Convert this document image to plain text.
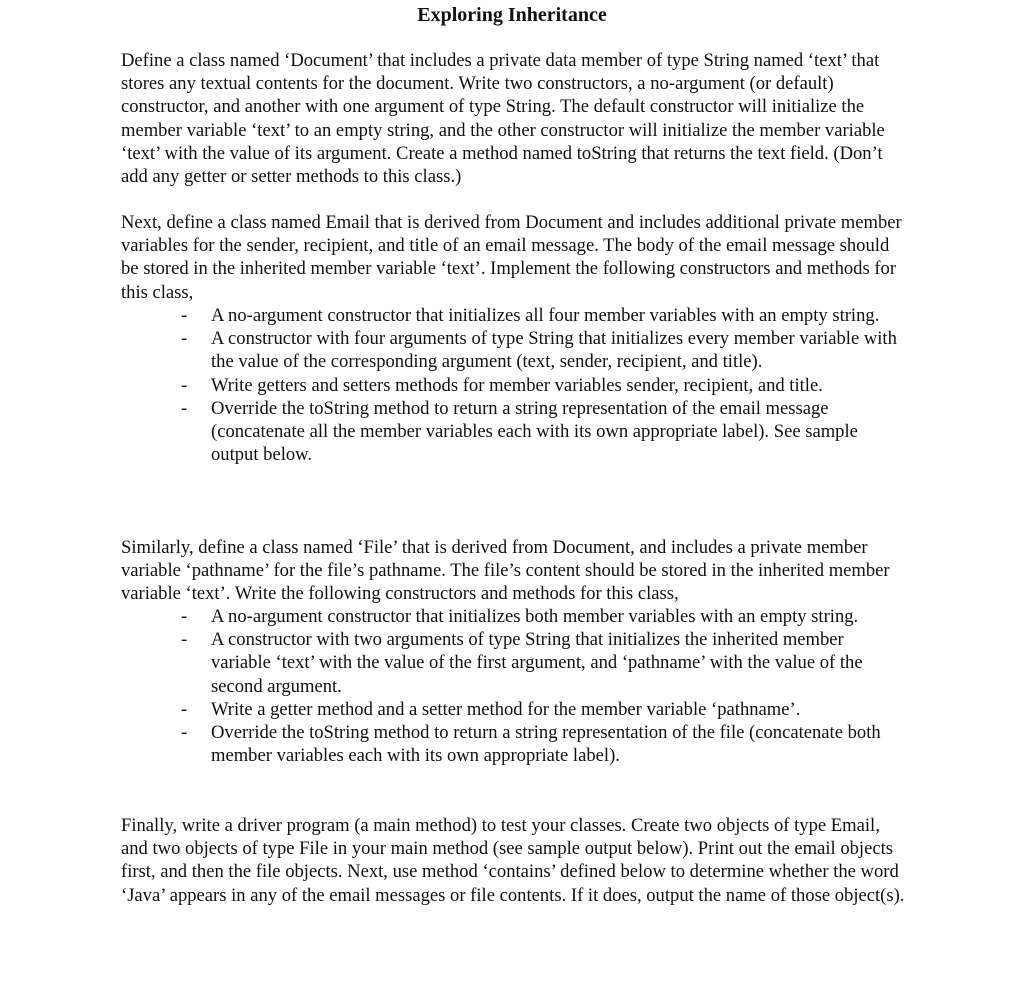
Exploring Inheritance

Define a class named ‘Document’ that includes a private data member of type String named ‘text’ that stores any textual contents for the document. Write two constructors, a no-argument (or default) constructor, and another with one argument of type String. The default constructor will initialize the member variable ‘text’ to an empty string, and the other constructor will initialize the member variable ‘text’ with the value of its argument. Create a method named toString that returns the text field. (Don’t add any getter or setter methods to this class.)

Next, define a class named Email that is derived from Document and includes additional private member variables for the sender, recipient, and title of an email message. The body of the email message should be stored in the inherited member variable ‘text’. Implement the following constructors and methods for this class,

- A no-argument constructor that initializes all four member variables with an empty string.
- A constructor with four arguments of type String that initializes every member variable with the value of the corresponding argument (text, sender, recipient, and title).
- Write getters and setters methods for member variables sender, recipient, and title.
- Override the toString method to return a string representation of the email message (concatenate all the member variables each with its own appropriate label). See sample output below.

Similarly, define a class named ‘File’ that is derived from Document, and includes a private member variable ‘pathname’ for the file’s pathname. The file’s content should be stored in the inherited member variable ‘text’. Write the following constructors and methods for this class,

- A no-argument constructor that initializes both member variables with an empty string.
- A constructor with two arguments of type String that initializes the inherited member variable ‘text’ with the value of the first argument, and ‘pathname’ with the value of the second argument.
- Write a getter method and a setter method for the member variable ‘pathname’.
- Override the toString method to return a string representation of the file (concatenate both member variables each with its own appropriate label).

Finally, write a driver program (a main method) to test your classes. Create two objects of type Email, and two objects of type File in your main method (see sample output below). Print out the email objects first, and then the file objects. Next, use method ‘contains’ defined below to determine whether the word ‘Java’ appears in any of the email messages or file contents. If it does, output the name of those object(s).
